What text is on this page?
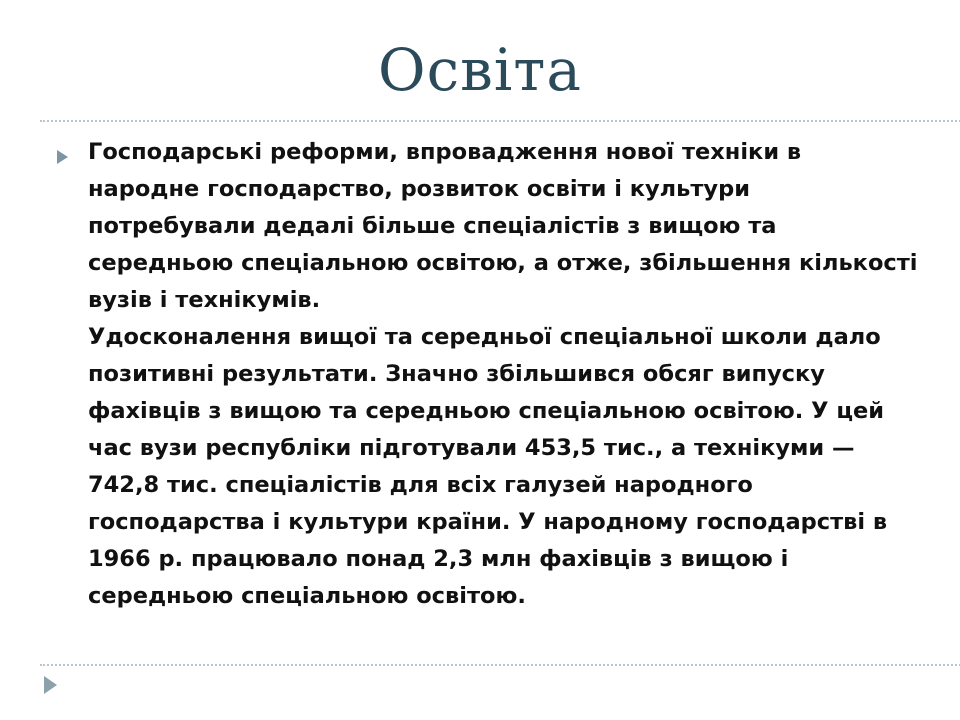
Освіта

Господарські реформи, впровадження нової техніки в народне господарство, розвиток освіти і культури потребували дедалі більше спеціалістів з вищою та середньою спеціальною освітою, а отже, збільшення кількості вузів і технікумів.

Удосконалення вищої та середньої спеціальної школи дало позитивні результати. Значно збільшився обсяг випуску фахівців з вищою та середньою спеціальною освітою. У цей час вузи республіки підготували 453,5 тис., а технікуми — 742,8 тис. спеціалістів для всіх галузей народного господарства і культури країни. У народному господарстві в 1966 р. працювало понад 2,3 млн фахівців з вищою і середньою спеціальною освітою.
